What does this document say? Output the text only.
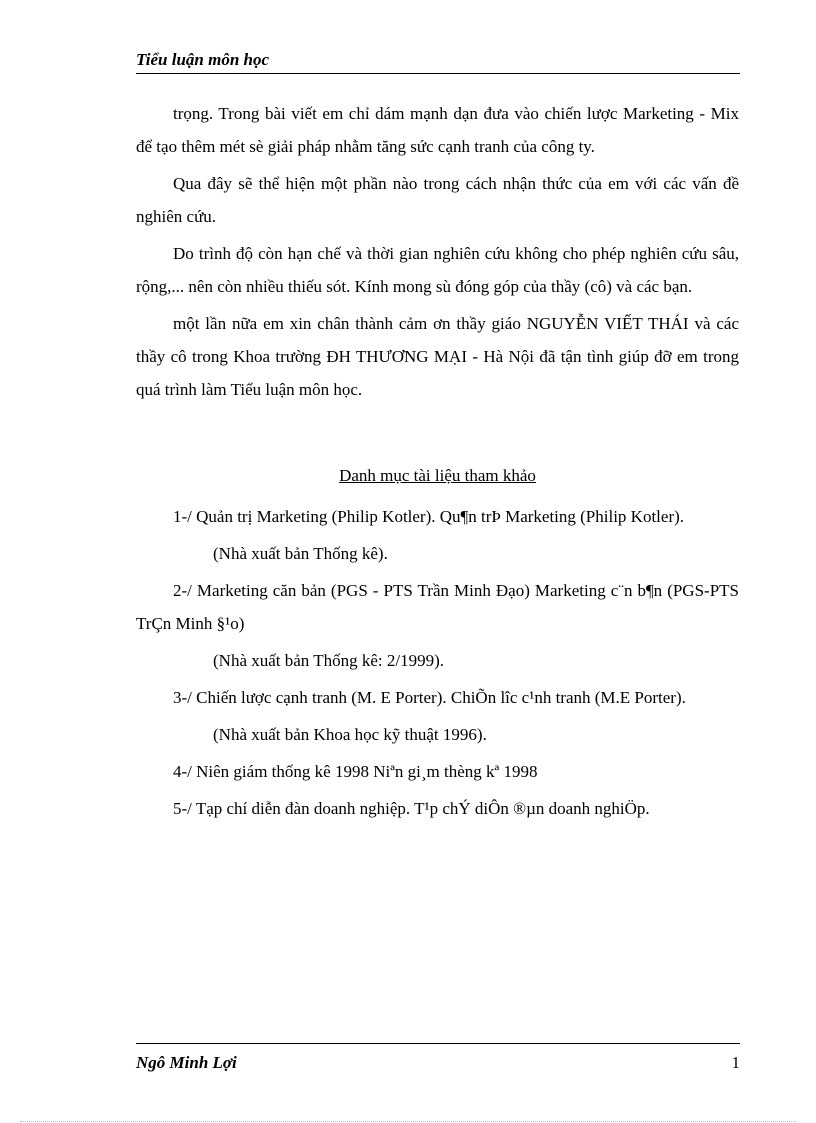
Tiểu luận môn học

trọng. Trong bài viết em chỉ dám mạnh dạn đưa vào chiến lược Marketing - Mix để tạo thêm mét sè giải pháp nhằm tăng sức cạnh tranh của công ty.

Qua đây sẽ thể hiện một phần nào trong cách nhận thức của em với các vấn đề nghiên cứu.

Do trình độ còn hạn chế và thời gian nghiên cứu không cho phép nghiên cứu sâu, rộng,... nên còn nhiều thiếu sót. Kính mong sù đóng góp của thầy (cô) và các bạn.

một lần nữa em xin chân thành cảm ơn thầy giáo NGUYỄN VIẾT THÁI và các thầy cô trong Khoa trường ĐH THƯƠNG MẠI - Hà Nội đã tận tình giúp đỡ em trong quá trình làm Tiểu luận môn học.

Danh mục tài liệu tham khảo

1-/ Quản trị Marketing (Philip Kotler). Qu¶n trÞ Marketing (Philip Kotler).

(Nhà xuất bản Thống kê).

2-/ Marketing căn bản (PGS - PTS Trần Minh Đạo) Marketing c¨n b¶n (PGS-PTS TrÇn Minh §¹o)

(Nhà xuất bản Thống kê: 2/1999).

3-/ Chiến lược cạnh tranh (M. E Porter). ChiÕn lîc c¹nh tranh (M.E Porter).

(Nhà xuất bản Khoa học kỹ thuật 1996).

4-/ Niên giám thống kê 1998 Niªn gi¸m thèng kª 1998

5-/ Tạp chí diễn đàn doanh nghiệp. T¹p chÝ diÔn ®µn doanh nghiÖp.

Ngô Minh Lợi	1
